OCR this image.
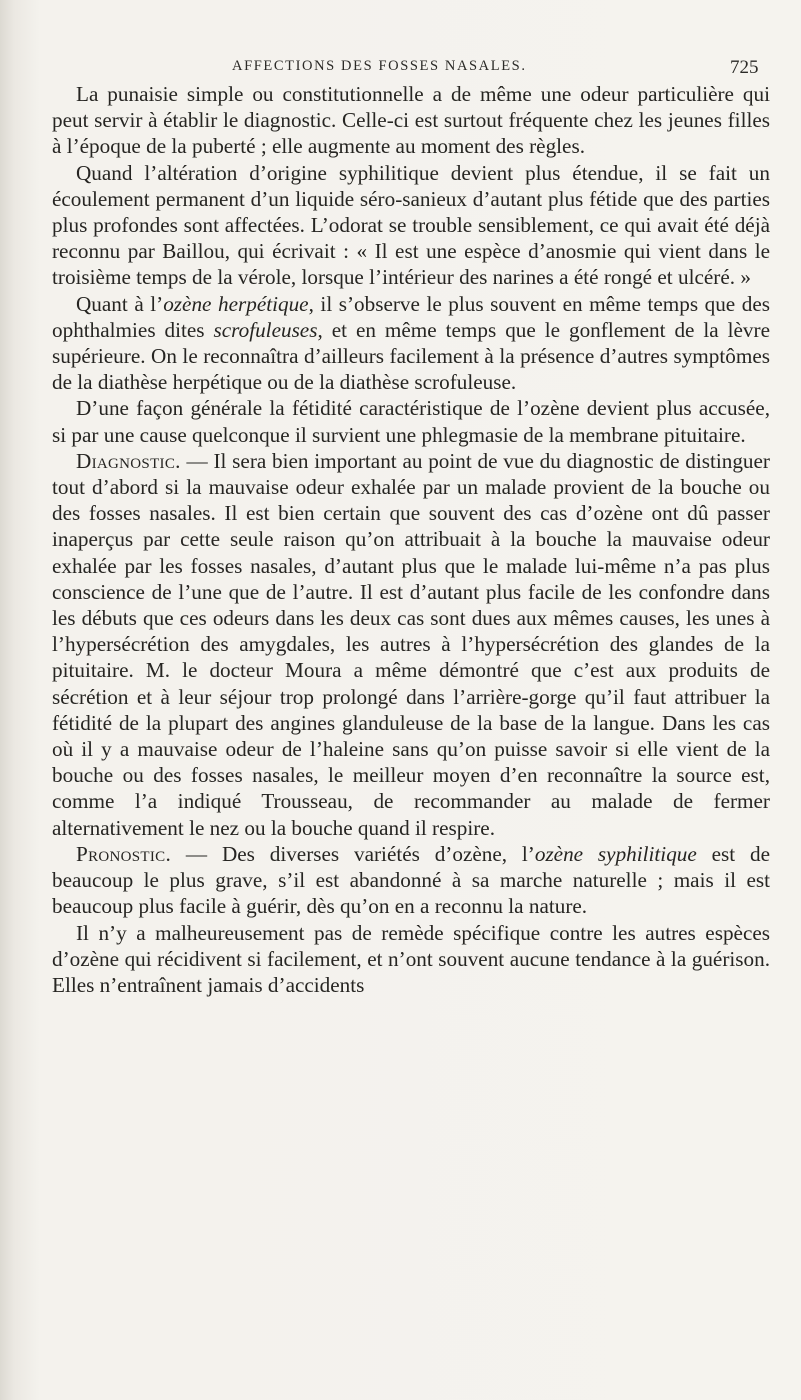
AFFECTIONS DES FOSSES NASALES.	725

La punaisie simple ou constitutionnelle a de même une odeur particulière qui peut servir à établir le diagnostic. Celle-ci est surtout fréquente chez les jeunes filles à l’époque de la puberté ; elle augmente au moment des règles.

Quand l’altération d’origine syphilitique devient plus étendue, il se fait un écoulement permanent d’un liquide séro-sanieux d’autant plus fétide que des parties plus profondes sont affectées. L’odorat se trouble sensiblement, ce qui avait été déjà reconnu par Baillou, qui écrivait : « Il est une espèce d’anosmie qui vient dans le troisième temps de la vérole, lorsque l’intérieur des narines a été rongé et ulcéré. »

Quant à l’ozène herpétique, il s’observe le plus souvent en même temps que des ophthalmies dites scrofuleuses, et en même temps que le gonflement de la lèvre supérieure. On le reconnaîtra d’ailleurs facilement à la présence d’autres symptômes de la diathèse herpétique ou de la diathèse scrofuleuse.

D’une façon générale la fétidité caractéristique de l’ozène devient plus accusée, si par une cause quelconque il survient une phlegmasie de la membrane pituitaire.

Diagnostic. — Il sera bien important au point de vue du diagnostic de distinguer tout d’abord si la mauvaise odeur exhalée par un malade provient de la bouche ou des fosses nasales. Il est bien certain que souvent des cas d’ozène ont dû passer inaperçus par cette seule raison qu’on attribuait à la bouche la mauvaise odeur exhalée par les fosses nasales, d’autant plus que le malade lui-même n’a pas plus conscience de l’une que de l’autre. Il est d’autant plus facile de les confondre dans les débuts que ces odeurs dans les deux cas sont dues aux mêmes causes, les unes à l’hypersécrétion des amygdales, les autres à l’hypersécrétion des glandes de la pituitaire. M. le docteur Moura a même démontré que c’est aux produits de sécrétion et à leur séjour trop prolongé dans l’arrière-gorge qu’il faut attribuer la fétidité de la plupart des angines glanduleuse de la base de la langue. Dans les cas où il y a mauvaise odeur de l’haleine sans qu’on puisse savoir si elle vient de la bouche ou des fosses nasales, le meilleur moyen d’en reconnaître la source est, comme l’a indiqué Trousseau, de recommander au malade de fermer alternativement le nez ou la bouche quand il respire.

Pronostic. — Des diverses variétés d’ozène, l’ozène syphilitique est de beaucoup le plus grave, s’il est abandonné à sa marche naturelle ; mais il est beaucoup plus facile à guérir, dès qu’on en a reconnu la nature.

Il n’y a malheureusement pas de remède spécifique contre les autres espèces d’ozène qui récidivent si facilement, et n’ont souvent aucune tendance à la guérison. Elles n’entraînent jamais d’accidents
